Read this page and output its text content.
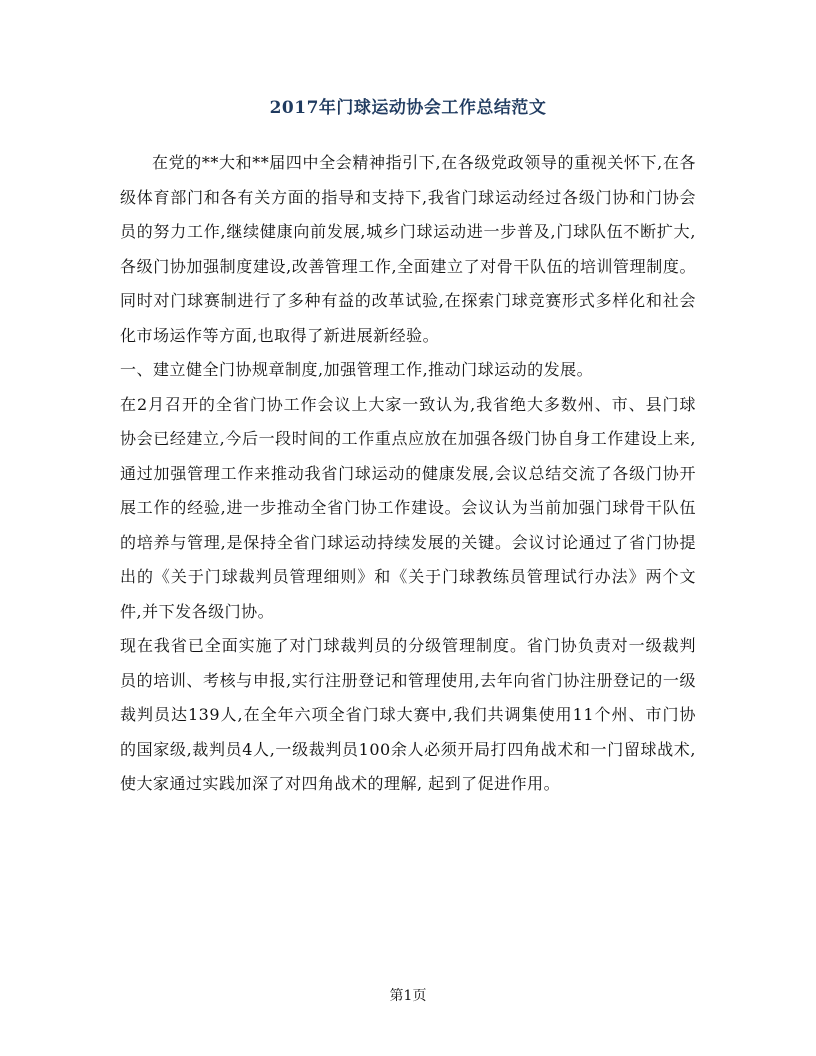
2017年门球运动协会工作总结范文

在党的**大和**届四中全会精神指引下,在各级党政领导的重视关怀下,在各级体育部门和各有关方面的指导和支持下,我省门球运动经过各级门协和门协会员的努力工作,继续健康向前发展,城乡门球运动进一步普及,门球队伍不断扩大,各级门协加强制度建设,改善管理工作,全面建立了对骨干队伍的培训管理制度。同时对门球赛制进行了多种有益的改革试验,在探索门球竞赛形式多样化和社会化市场运作等方面,也取得了新进展新经验。

一、建立健全门协规章制度,加强管理工作,推动门球运动的发展。

在2月召开的全省门协工作会议上大家一致认为,我省绝大多数州、市、县门球协会已经建立,今后一段时间的工作重点应放在加强各级门协自身工作建设上来,通过加强管理工作来推动我省门球运动的健康发展,会议总结交流了各级门协开展工作的经验,进一步推动全省门协工作建设。会议认为当前加强门球骨干队伍的培养与管理,是保持全省门球运动持续发展的关键。会议讨论通过了省门协提出的《关于门球裁判员管理细则》和《关于门球教练员管理试行办法》两个文件,并下发各级门协。

现在我省已全面实施了对门球裁判员的分级管理制度。省门协负责对一级裁判员的培训、考核与申报,实行注册登记和管理使用,去年向省门协注册登记的一级裁判员达139人,在全年六项全省门球大赛中,我们共调集使用11个州、市门协的国家级,裁判员4人,一级裁判员100余人必须开局打四角战术和一门留球战术,使大家通过实践加深了对四角战术的理解, 起到了促进作用。

第1页
